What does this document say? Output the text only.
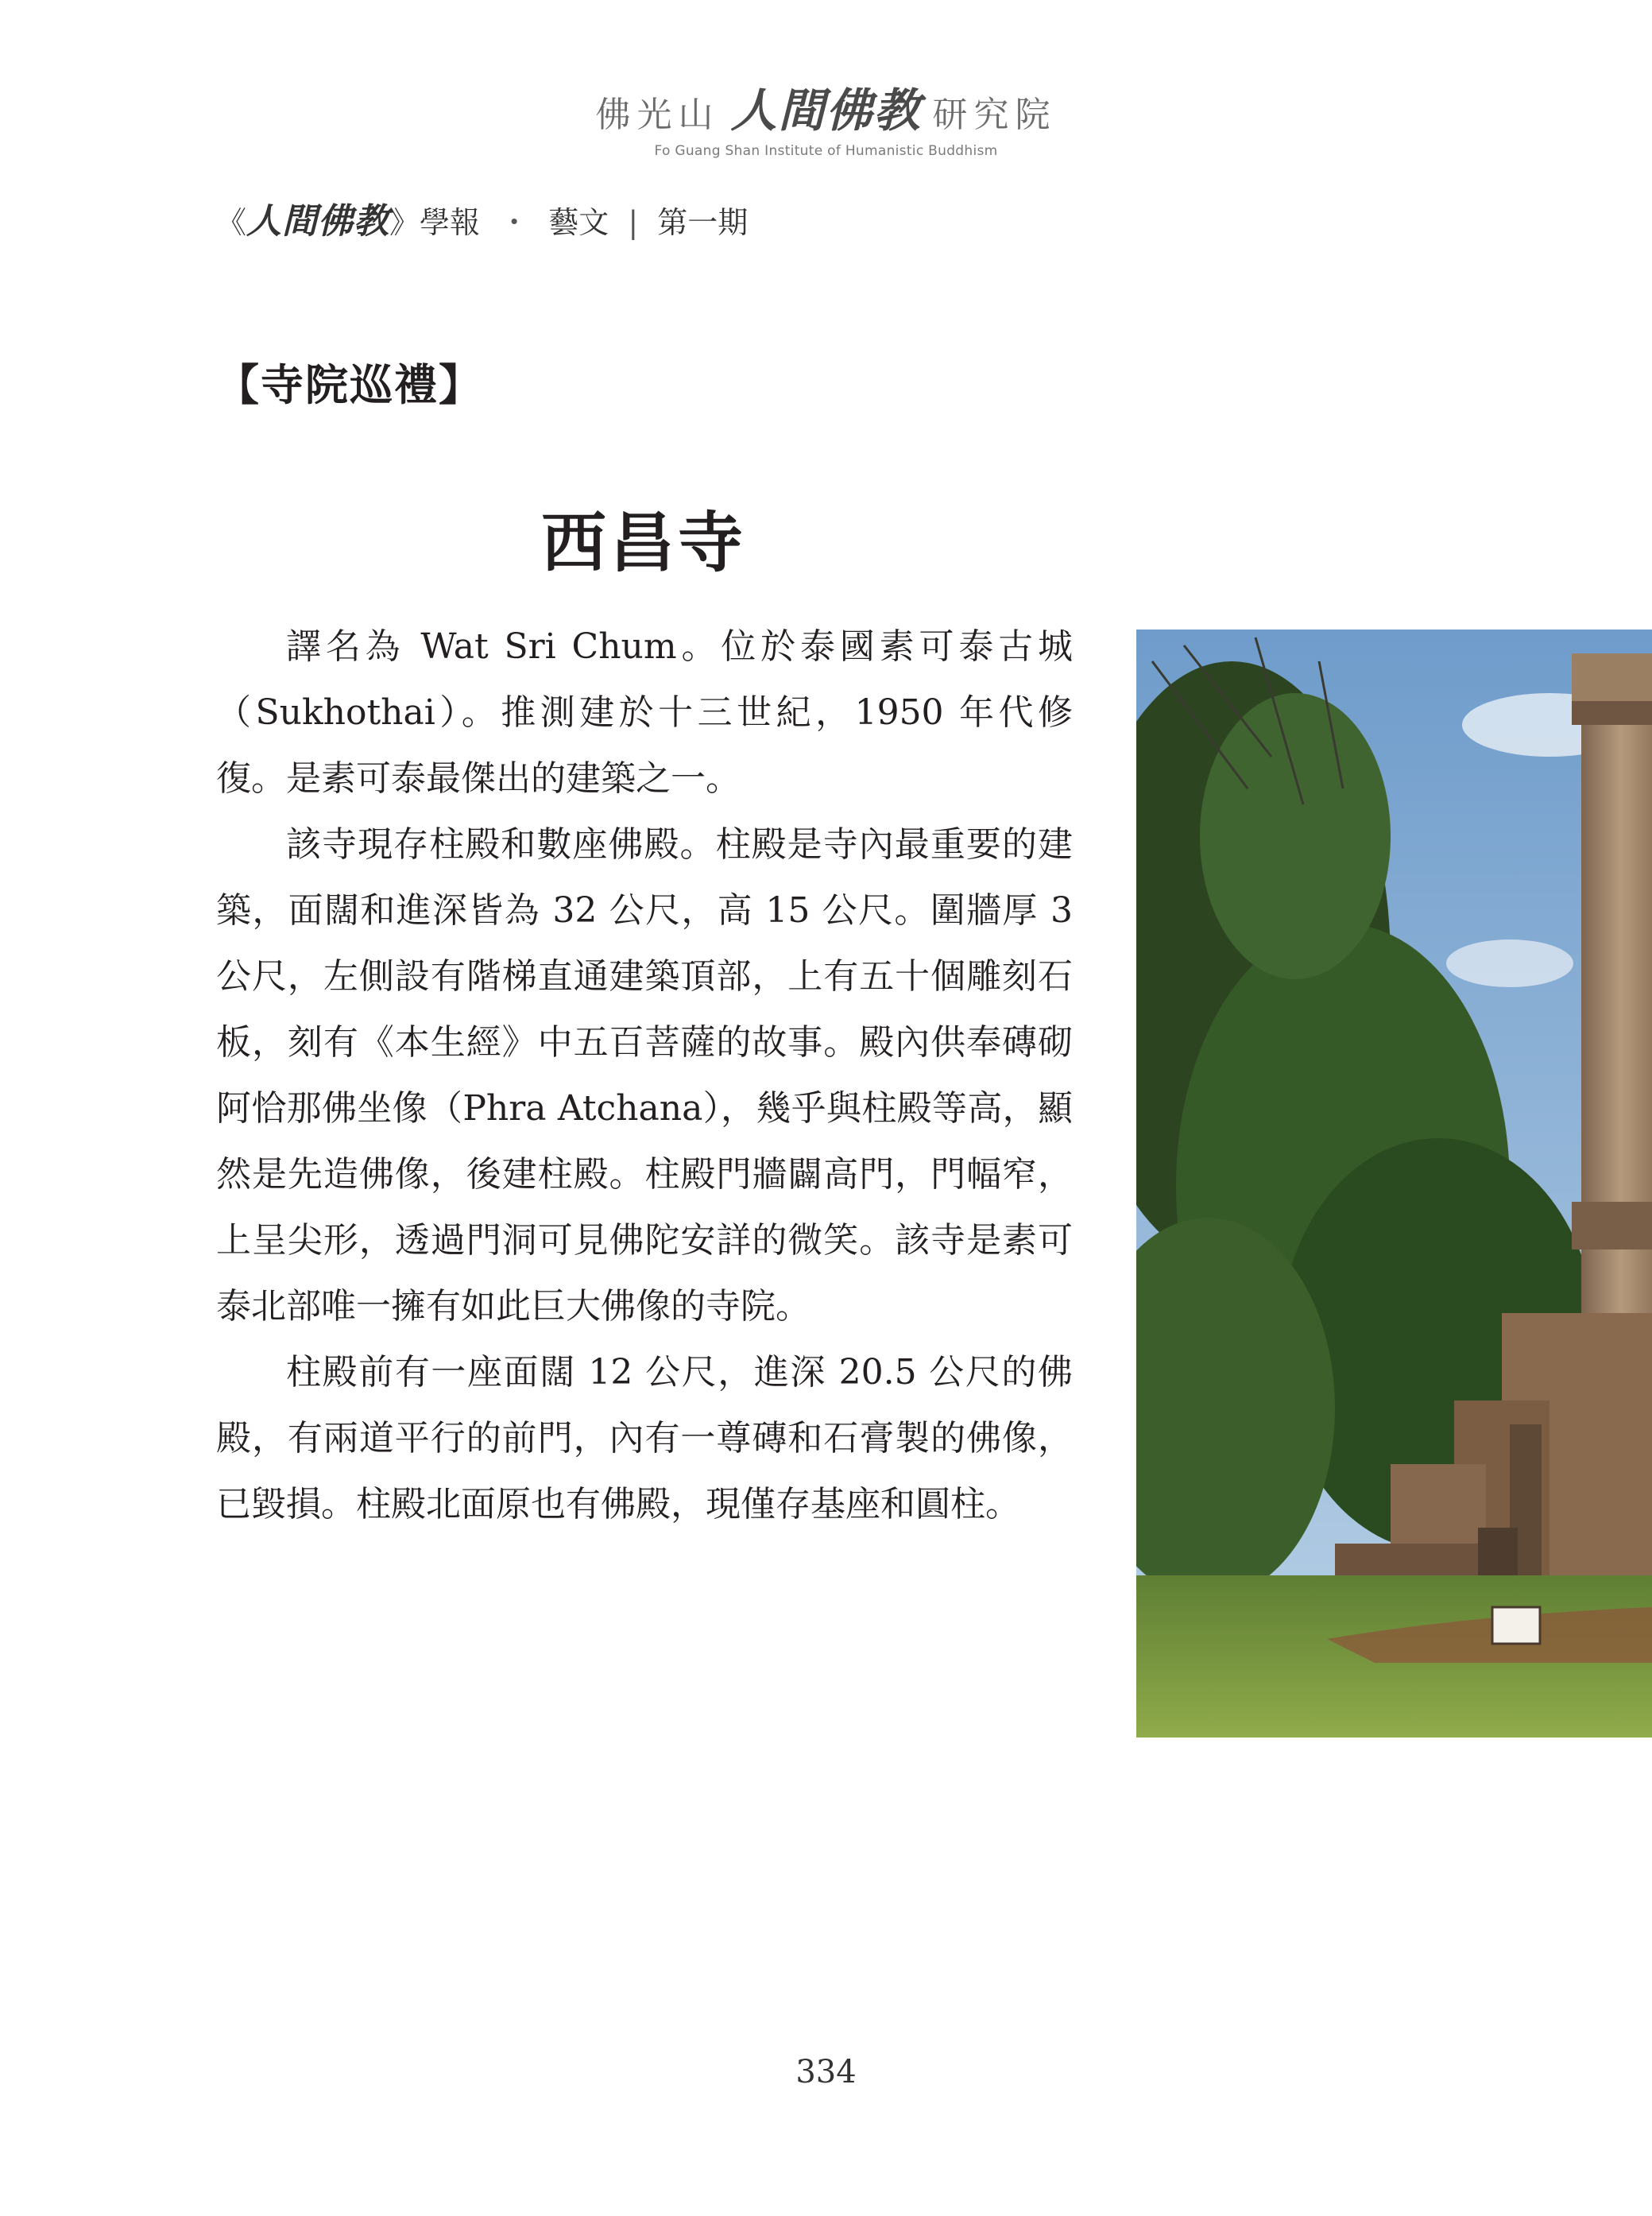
佛光山 人間佛教 研究院
Fo Guang Shan Institute of Humanistic Buddhism
《人間佛教》學報 ・ 藝文 | 第一期
【寺院巡禮】
西昌寺

譯名為 Wat Sri Chum。位於泰國素可泰古城（Sukhothai）。推測建於十三世紀，1950 年代修復。是素可泰最傑出的建築之一。

該寺現存柱殿和數座佛殿。柱殿是寺內最重要的建築，面闊和進深皆為 32 公尺，高 15 公尺。圍牆厚 3 公尺，左側設有階梯直通建築頂部，上有五十個雕刻石板，刻有《本生經》中五百菩薩的故事。殿內供奉磚砌阿恰那佛坐像（Phra Atchana），幾乎與柱殿等高，顯然是先造佛像，後建柱殿。柱殿門牆闢高門，門幅窄，上呈尖形，透過門洞可見佛陀安詳的微笑。該寺是素可泰北部唯一擁有如此巨大佛像的寺院。

柱殿前有一座面闊 12 公尺，進深 20.5 公尺的佛殿，有兩道平行的前門，內有一尊磚和石膏製的佛像，已毀損。柱殿北面原也有佛殿，現僅存基座和圓柱。

334
